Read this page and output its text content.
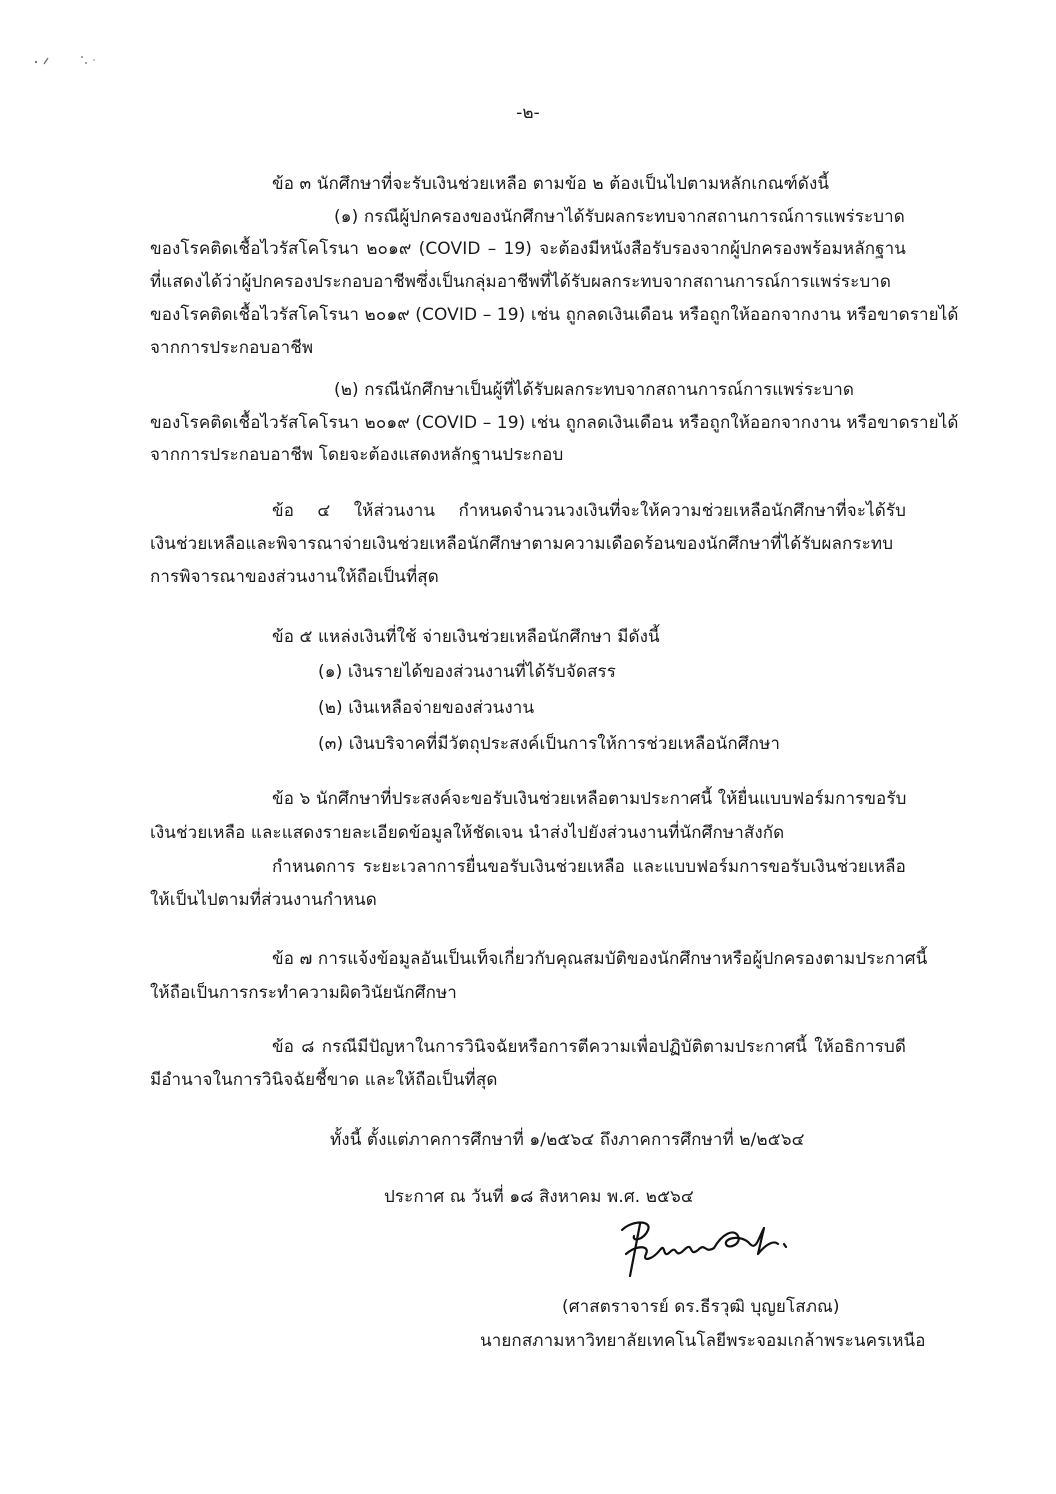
-๒-
ข้อ ๓ นักศึกษาที่จะรับเงินช่วยเหลือ ตามข้อ ๒ ต้องเป็นไปตามหลักเกณฑ์ดังนี้
(๑) กรณีผู้ปกครองของนักศึกษาได้รับผลกระทบจากสถานการณ์การแพร่ระบาด
ของโรคติดเชื้อไวรัสโคโรนา ๒๐๑๙ (COVID – 19) จะต้องมีหนังสือรับรองจากผู้ปกครองพร้อมหลักฐาน
ที่แสดงได้ว่าผู้ปกครองประกอบอาชีพซึ่งเป็นกลุ่มอาชีพที่ได้รับผลกระทบจากสถานการณ์การแพร่ระบาด
ของโรคติดเชื้อไวรัสโคโรนา ๒๐๑๙ (COVID – 19) เช่น ถูกลดเงินเดือน หรือถูกให้ออกจากงาน หรือขาดรายได้
จากการประกอบอาชีพ
(๒) กรณีนักศึกษาเป็นผู้ที่ได้รับผลกระทบจากสถานการณ์การแพร่ระบาด
ของโรคติดเชื้อไวรัสโคโรนา ๒๐๑๙ (COVID – 19) เช่น ถูกลดเงินเดือน หรือถูกให้ออกจากงาน หรือขาดรายได้
จากการประกอบอาชีพ โดยจะต้องแสดงหลักฐานประกอบ
ข้อ ๔ ให้ส่วนงาน กำหนดจำนวนวงเงินที่จะให้ความช่วยเหลือนักศึกษาที่จะได้รับ
เงินช่วยเหลือและพิจารณาจ่ายเงินช่วยเหลือนักศึกษาตามความเดือดร้อนของนักศึกษาที่ได้รับผลกระทบ
การพิจารณาของส่วนงานให้ถือเป็นที่สุด
ข้อ ๕ แหล่งเงินที่ใช้ จ่ายเงินช่วยเหลือนักศึกษา มีดังนี้
(๑) เงินรายได้ของส่วนงานที่ได้รับจัดสรร
(๒) เงินเหลือจ่ายของส่วนงาน
(๓) เงินบริจาคที่มีวัตถุประสงค์เป็นการให้การช่วยเหลือนักศึกษา
ข้อ ๖ นักศึกษาที่ประสงค์จะขอรับเงินช่วยเหลือตามประกาศนี้ ให้ยื่นแบบฟอร์มการขอรับ
เงินช่วยเหลือ และแสดงรายละเอียดข้อมูลให้ชัดเจน นำส่งไปยังส่วนงานที่นักศึกษาสังกัด
กำหนดการ ระยะเวลาการยื่นขอรับเงินช่วยเหลือ และแบบฟอร์มการขอรับเงินช่วยเหลือ
ให้เป็นไปตามที่ส่วนงานกำหนด
ข้อ ๗ การแจ้งข้อมูลอันเป็นเท็จเกี่ยวกับคุณสมบัติของนักศึกษาหรือผู้ปกครองตามประกาศนี้
ให้ถือเป็นการกระทำความผิดวินัยนักศึกษา
ข้อ ๘ กรณีมีปัญหาในการวินิจฉัยหรือการตีความเพื่อปฏิบัติตามประกาศนี้ ให้อธิการบดี
มีอำนาจในการวินิจฉัยชี้ขาด และให้ถือเป็นที่สุด
ทั้งนี้ ตั้งแต่ภาคการศึกษาที่ ๑/๒๕๖๔ ถึงภาคการศึกษาที่ ๒/๒๕๖๔
ประกาศ ณ วันที่ ๑๘ สิงหาคม พ.ศ. ๒๕๖๔
(ศาสตราจารย์ ดร.ธีรวุฒิ บุญยโสภณ)
นายกสภามหาวิทยาลัยเทคโนโลยีพระจอมเกล้าพระนครเหนือ
